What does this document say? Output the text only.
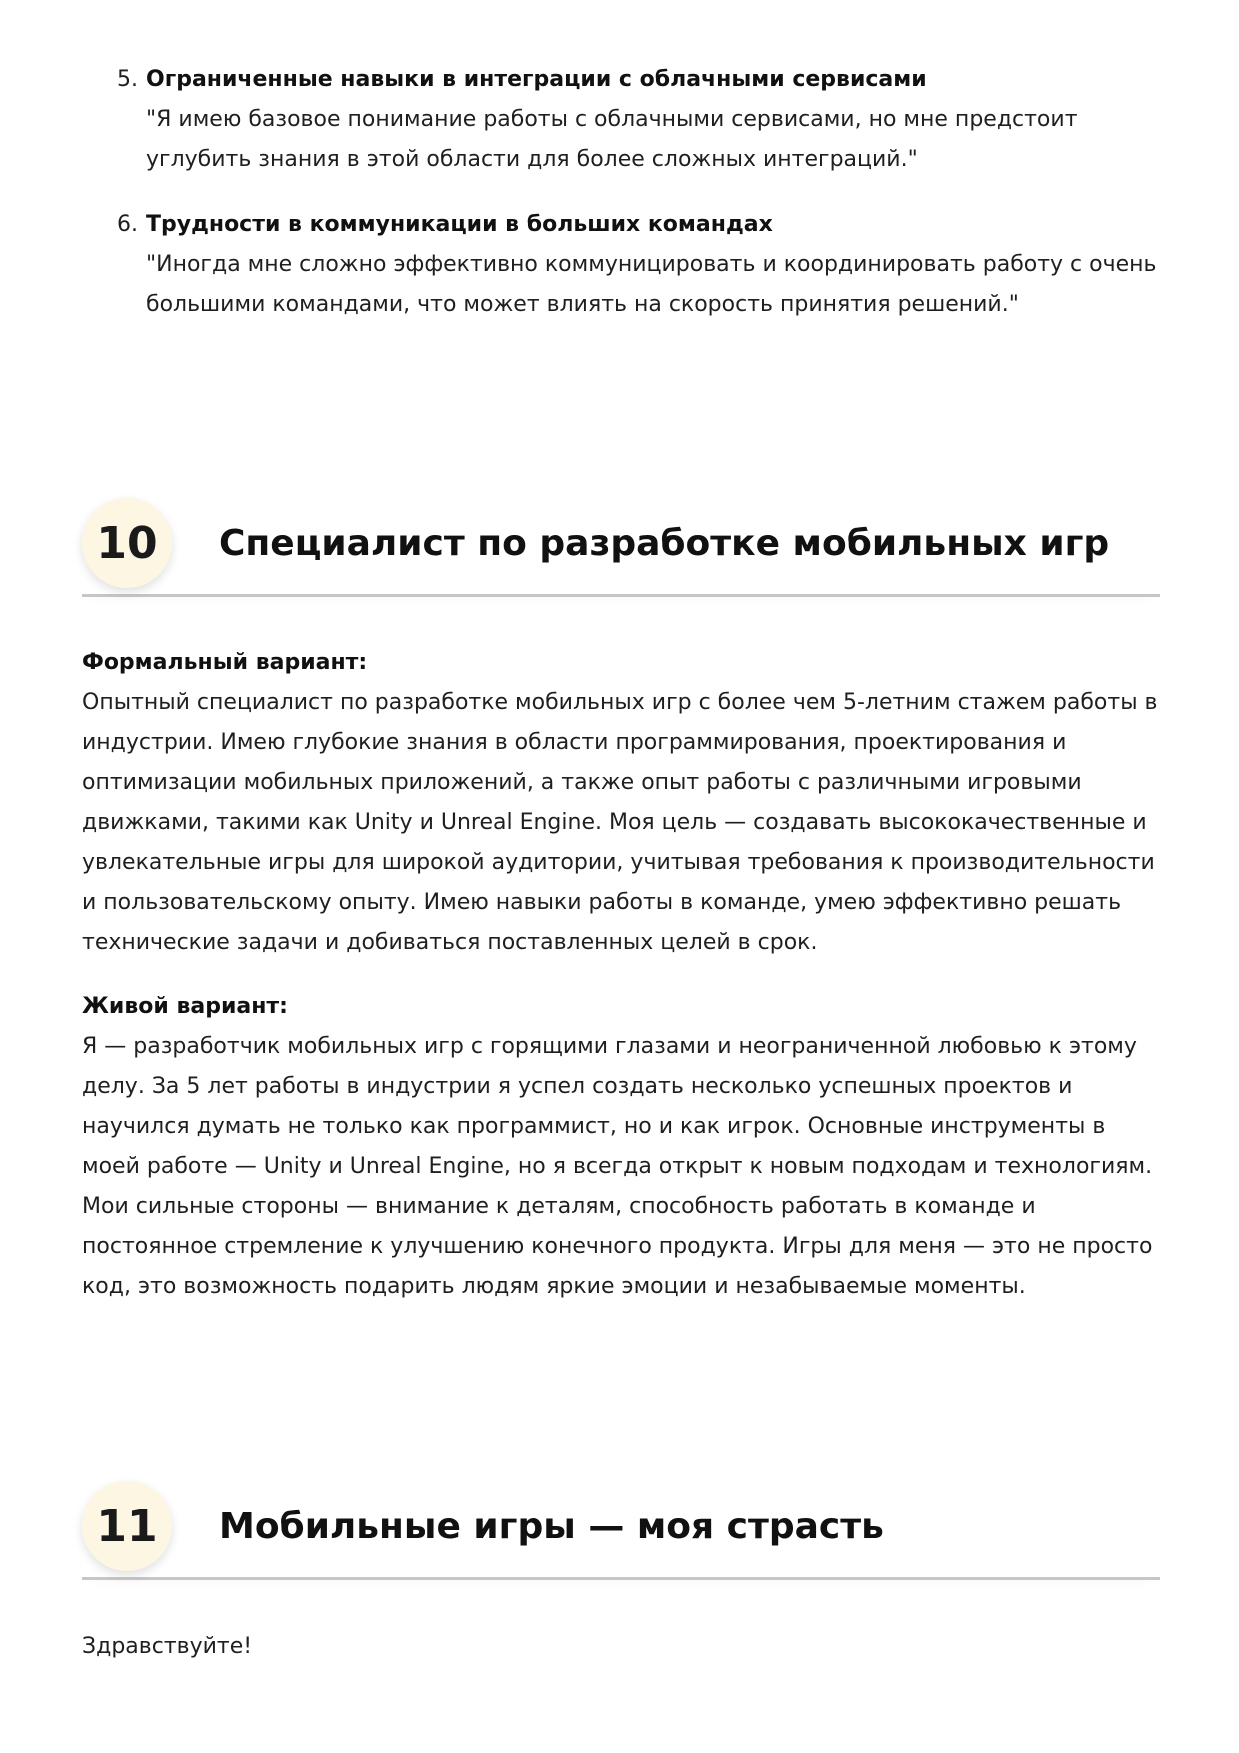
5. Ограниченные навыки в интеграции с облачными сервисами
"Я имею базовое понимание работы с облачными сервисами, но мне предстоит углубить знания в этой области для более сложных интеграций."
6. Трудности в коммуникации в больших командах
"Иногда мне сложно эффективно коммуницировать и координировать работу с очень большими командами, что может влиять на скорость принятия решений."
10	Специалист по разработке мобильных игр
Формальный вариант:

Опытный специалист по разработке мобильных игр с более чем 5-летним стажем работы в индустрии. Имею глубокие знания в области программирования, проектирования и оптимизации мобильных приложений, а также опыт работы с различными игровыми движками, такими как Unity и Unreal Engine. Моя цель — создавать высококачественные и увлекательные игры для широкой аудитории, учитывая требования к производительности и пользовательскому опыту. Имею навыки работы в команде, умею эффективно решать технические задачи и добиваться поставленных целей в срок.

Живой вариант:

Я — разработчик мобильных игр с горящими глазами и неограниченной любовью к этому делу. За 5 лет работы в индустрии я успел создать несколько успешных проектов и научился думать не только как программист, но и как игрок. Основные инструменты в моей работе — Unity и Unreal Engine, но я всегда открыт к новым подходам и технологиям. Мои сильные стороны — внимание к деталям, способность работать в команде и постоянное стремление к улучшению конечного продукта. Игры для меня — это не просто код, это возможность подарить людям яркие эмоции и незабываемые моменты.

11	Мобильные игры — моя страсть

Здравствуйте!
